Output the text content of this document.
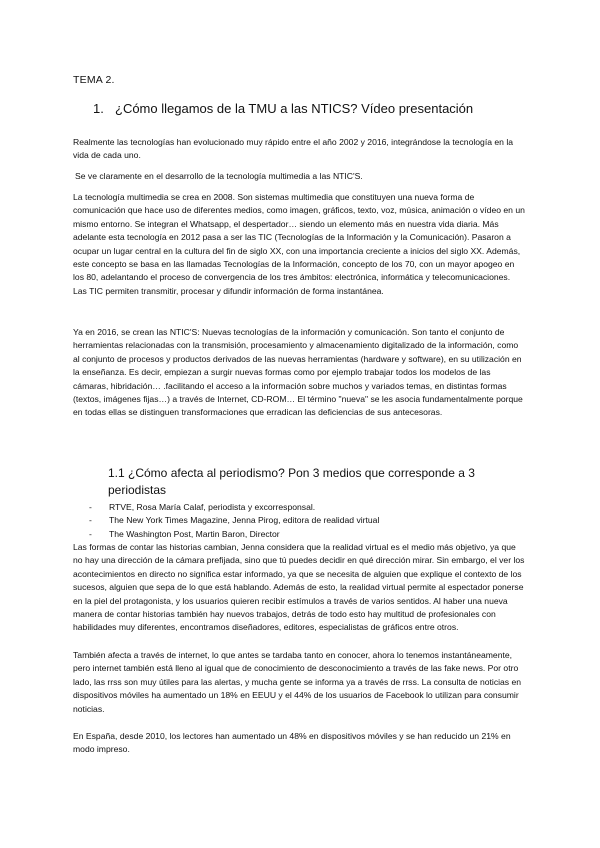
TEMA 2.
1. ¿Cómo llegamos de la TMU a las NTICS? Vídeo presentación

Realmente las tecnologías han evolucionado muy rápido entre el año 2002 y 2016, integrándose la tecnología en la vida de cada uno.

Se ve claramente en el desarrollo de la tecnología multimedia a las NTIC'S.

La tecnología multimedia se crea en 2008. Son sistemas multimedia que constituyen una nueva forma de comunicación que hace uso de diferentes medios, como imagen, gráficos, texto, voz, música, animación o vídeo en un mismo entorno. Se integran el Whatsapp, el despertador… siendo un elemento más en nuestra vida diaria. Más adelante esta tecnología en 2012 pasa a ser las TIC (Tecnologías de la Información y la Comunicación). Pasaron a ocupar un lugar central en la cultura del fin de siglo XX, con una importancia creciente a inicios del siglo XX. Además, este concepto se basa en las llamadas Tecnologías de la Información, concepto de los 70, con un mayor apogeo en los 80, adelantando el proceso de convergencia de los tres ámbitos: electrónica, informática y telecomunicaciones. Las TIC permiten transmitir, procesar y difundir información de forma instantánea.

Ya en 2016, se crean las NTIC'S: Nuevas tecnologías de la información y comunicación. Son tanto el conjunto de herramientas relacionadas con la transmisión, procesamiento y almacenamiento digitalizado de la información, como al conjunto de procesos y productos derivados de las nuevas herramientas (hardware y software), en su utilización en la enseñanza. Es decir, empiezan a surgir nuevas formas como por ejemplo trabajar todos los modelos de las cámaras, hibridación… .facilitando el acceso a la información sobre muchos y variados temas, en distintas formas (textos, imágenes fijas…) a través de Internet, CD-ROM… El término "nueva" se les asocia fundamentalmente porque en todas ellas se distinguen transformaciones que erradican las deficiencias de sus antecesoras.

1.1 ¿Cómo afecta al periodismo? Pon 3 medios que corresponde a 3 periodistas
- RTVE, Rosa María Calaf, periodista y excorresponsal.
- The New York Times Magazine, Jenna Pirog, editora de realidad virtual
- The Washington Post, Martin Baron, Director

Las formas de contar las historias cambian, Jenna considera que la realidad virtual es el medio más objetivo, ya que no hay una dirección de la cámara prefijada, sino que tú puedes decidir en qué dirección mirar. Sin embargo, el ver los acontecimientos en directo no significa estar informado, ya que se necesita de alguien que explique el contexto de los sucesos, alguien que sepa de lo que está hablando. Además de esto, la realidad virtual permite al espectador ponerse en la piel del protagonista, y los usuarios quieren recibir estímulos a través de varios sentidos. Al haber una nueva manera de contar historias también hay nuevos trabajos, detrás de todo esto hay multitud de profesionales con habilidades muy diferentes, encontramos diseñadores, editores, especialistas de gráficos entre otros.

También afecta a través de internet, lo que antes se tardaba tanto en conocer, ahora lo tenemos instantáneamente, pero internet también está lleno al igual que de conocimiento de desconocimiento a través de las fake news. Por otro lado, las rrss son muy útiles para las alertas, y mucha gente se informa ya a través de rrss. La consulta de noticias en dispositivos móviles ha aumentado un 18% en EEUU y el 44% de los usuarios de Facebook lo utilizan para consumir noticias.

En España, desde 2010, los lectores han aumentado un 48% en dispositivos móviles y se han reducido un 21% en modo impreso.
